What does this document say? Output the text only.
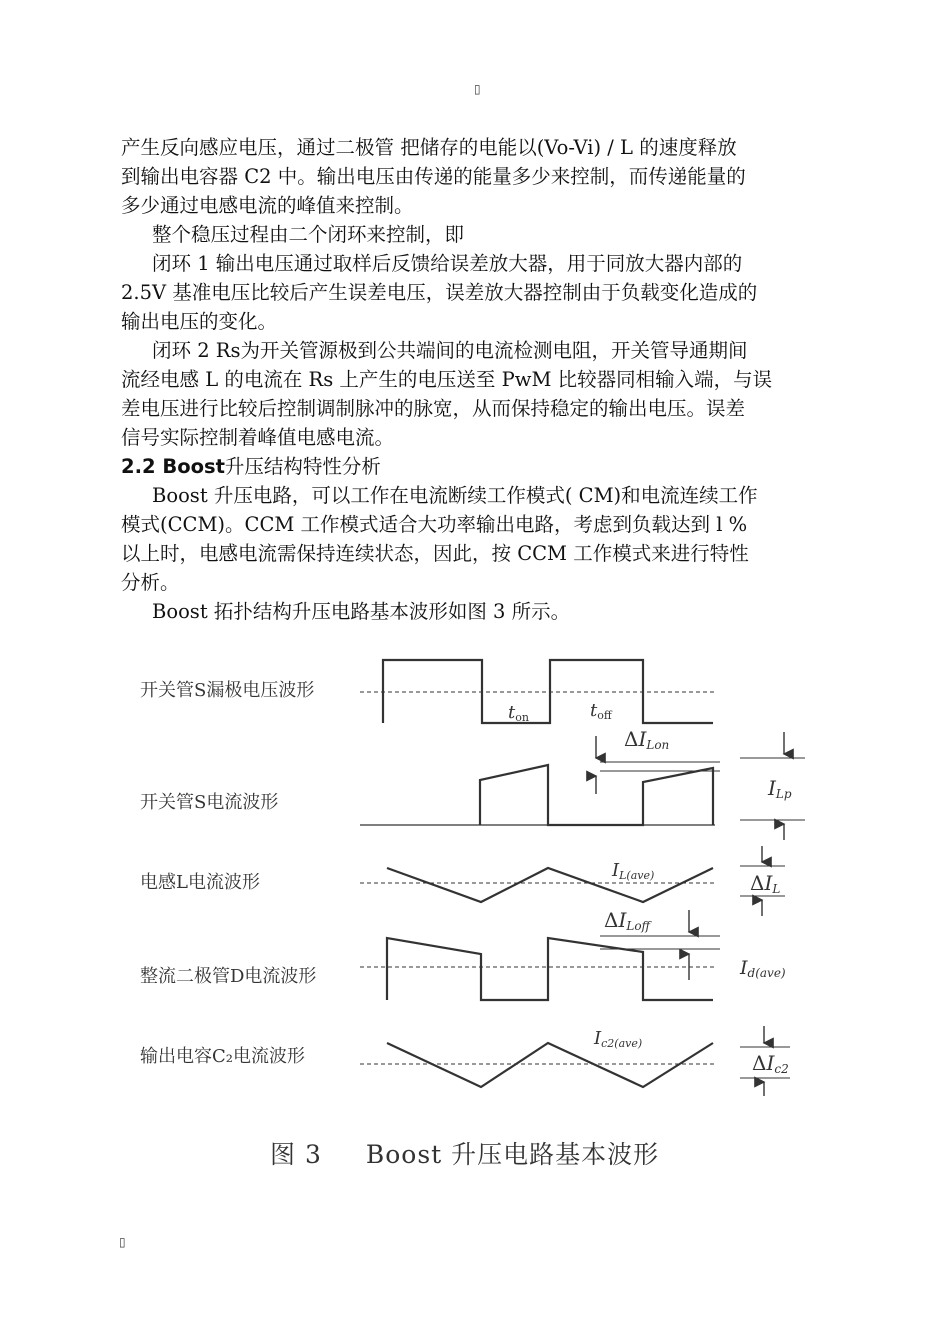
▯

产生反向感应电压，通过二极管 把储存的电能以(Vo-Vi) / L 的速度释放

到输出电容器 C2 中。输出电压由传递的能量多少来控制，而传递能量的

多少通过电感电流的峰值来控制。

整个稳压过程由二个闭环来控制，即

闭环 1 输出电压通过取样后反馈给误差放大器，用于同放大器内部的

2.5V 基准电压比较后产生误差电压，误差放大器控制由于负载变化造成的

输出电压的变化。

闭环 2 Rs为开关管源极到公共端间的电流检测电阻，开关管导通期间

流经电感 L 的电流在 Rs 上产生的电压送至 PwM 比较器同相输入端，与误

差电压进行比较后控制调制脉冲的脉宽，从而保持稳定的输出电压。误差

信号实际控制着峰值电感电流。

2.2 Boost升压结构特性分析

Boost 升压电路，可以工作在电流断续工作模式( CM)和电流连续工作

模式(CCM)。CCM 工作模式适合大功率输出电路，考虑到负载达到 l %

以上时，电感电流需保持连续状态，因此，按 CCM 工作模式来进行特性

分析。

Boost 拓扑结构升压电路基本波形如图 3 所示。

开关管S漏极电压波形
开关管S电流波形
电感L电流波形
整流二极管D电流波形
输出电容C₂电流波形
ton	toff
ΔILon
ILp
IL(ave)	ΔIL
ΔILoff
Id(ave)
Ic2(ave)
ΔIc2
图 3 Boost 升压电路基本波形
▯
